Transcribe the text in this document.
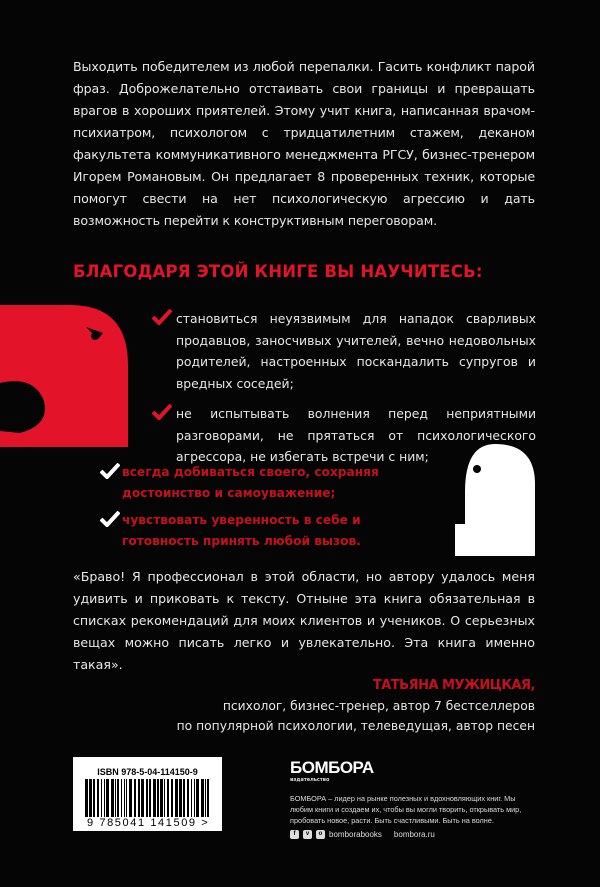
Выходить победителем из любой перепалки. Гасить конфликт парой фраз. Доброжелательно отстаивать свои границы и превращать врагов в хороших приятелей. Этому учит книга, написанная врачом-психиатром, психологом с тридцатилетним стажем, деканом факультета коммуникативного менеджмента РГСУ, бизнес-тренером Игорем Романовым. Он предлагает 8 проверенных техник, которые помогут свести на нет психологическую агрессию и дать возможность перейти к конструктивным переговорам.
БЛАГОДАРЯ ЭТОЙ КНИГЕ ВЫ НАУЧИТЕСЬ:
становиться неуязвимым для нападок сварливых продавцов, заносчивых учителей, вечно недовольных родителей, настроенных поскандалить супругов и вредных соседей;
не испытывать волнения перед неприятными разговорами, не прятаться от психологического агрессора, не избегать встречи с ним;
всегда добиваться своего, сохраняя достоинство и самоуважение;
чувствовать уверенность в себе и готовность принять любой вызов.
«Браво! Я профессионал в этой области, но автору удалось меня удивить и приковать к тексту. Отныне эта книга обязательная в списках рекомендаций для моих клиентов и учеников. О серьезных вещах можно писать легко и увлекательно. Эта книга именно такая».
ТАТЬЯНА МУЖИЦКАЯ,
психолог, бизнес-тренер, автор 7 бестселлеров
по популярной психологии, телеведущая, автор песен
ISBN 978-5-04-114150-9
9 785041 141509 >
БОМБОРА
издательство
БОМБОРА – лидер на рынке полезных и вдохновляющих книг. Мы любим книги и создаем их, чтобы вы могли творить, открывать мир, пробовать новое, расти. Быть счастливыми. Быть на волне.
f	v	o bomborabooks bombora.ru
